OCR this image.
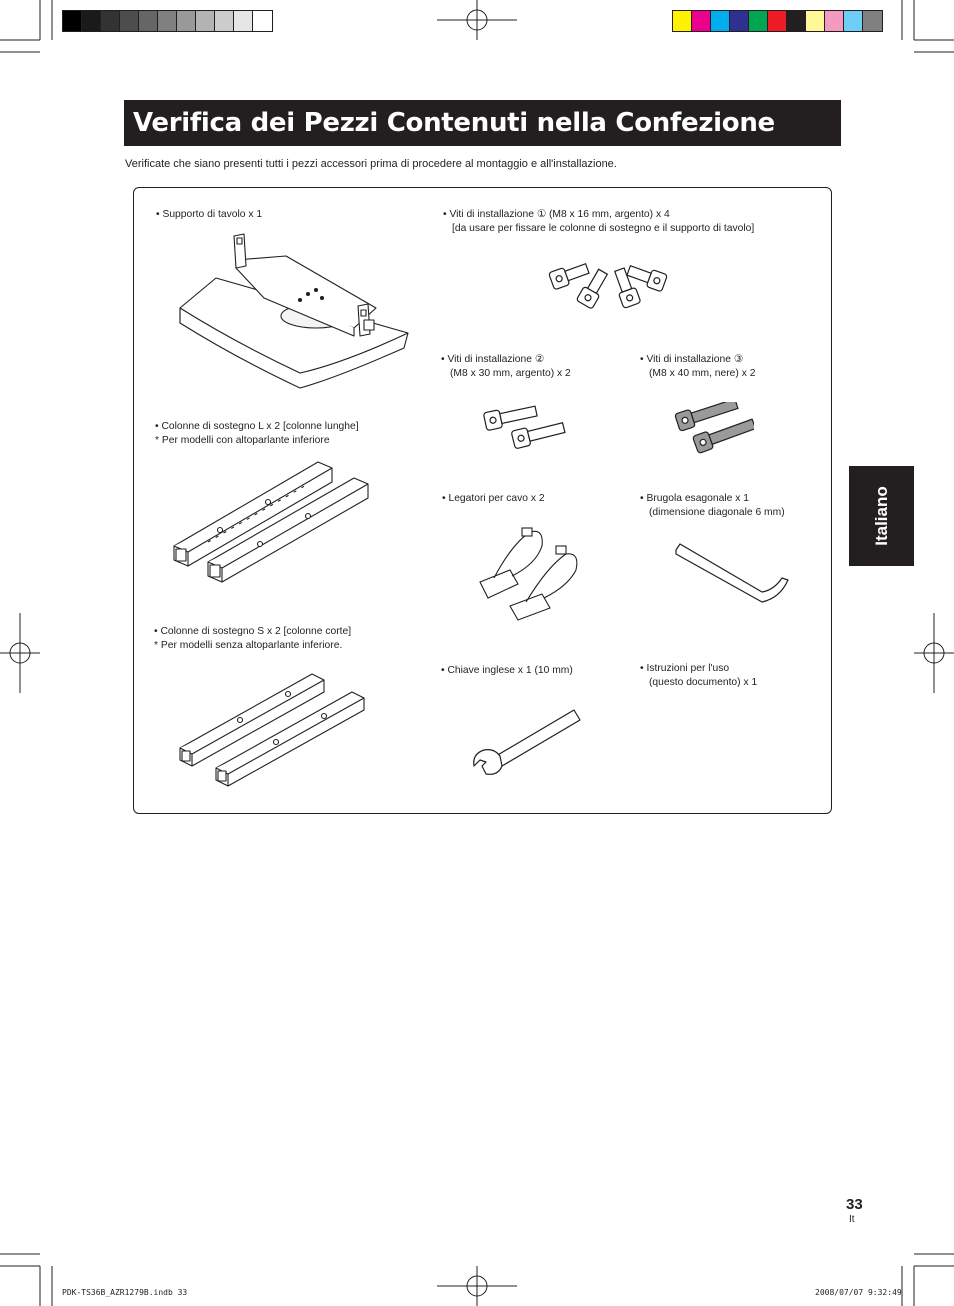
Verifica dei Pezzi Contenuti nella Confezione
Verificate che siano presenti tutti i pezzi accessori prima di procedere al montaggio e all'installazione.
• Supporto di tavolo x 1	• Viti di installazione ① (M8 x 16 mm, argento) x 4
[da usare per fissare le colonne di sostegno e il supporto di tavolo]
• Viti di installazione ②
(M8 x 30 mm, argento) x 2
• Viti di installazione ③
(M8 x 40 mm, nere) x 2
• Colonne di sostegno L x 2 [colonne lunghe]
* Per modelli con altoparlante inferiore
• Legatori per cavo x 2	• Brugola esagonale x 1
(dimensione diagonale 6 mm)
• Colonne di sostegno S x 2 [colonne corte]
* Per modelli senza altoparlante inferiore.
• Chiave inglese x 1 (10 mm)	• Istruzioni per l'uso
(questo documento) x 1
Italiano
33
It
PDK-TS36B_AZR1279B.indb 33	2008/07/07 9:32:49
